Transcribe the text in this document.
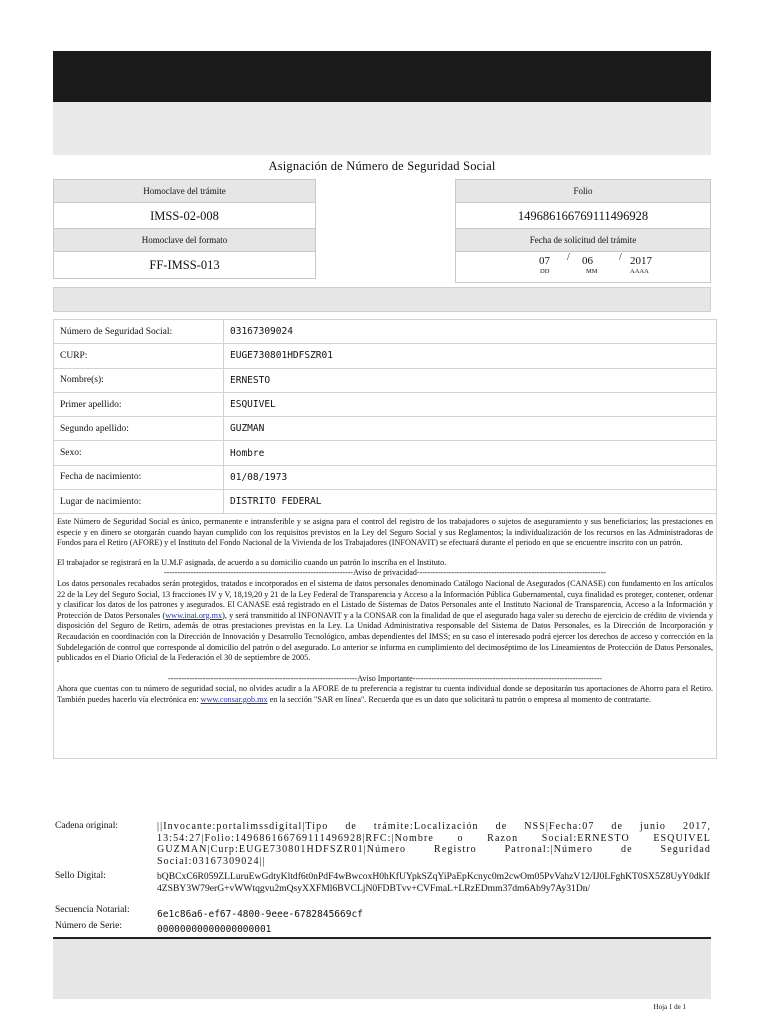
Asignación de Número de Seguridad Social
Homoclave del trámite
IMSS-02-008
Homoclave del formato
FF-IMSS-013
Folio
14968616676911149​6928
Fecha de solicitud del trámite
07 / 06	/ 2017
DD	MM	AAAA
Número de Seguridad Social:	03167309024
CURP:	EUGE730801HDFSZR01
Nombre(s):	ERNESTO
Primer apellido:	ESQUIVEL
Segundo apellido:	GUZMAN
Sexo:	Hombre
Fecha de nacimiento:	01/08/1973
Lugar de nacimiento:	DISTRITO FEDERAL

Este Número de Seguridad Social es único, permanente e intransferible y se asigna para el control del registro de los trabajadores o sujetos de aseguramiento y sus beneficiarios; las prestaciones en especie y en dinero se otorgarán cuando hayan cumplido con los requisitos previstos en la Ley del Seguro Social y sus Reglamentos; la individualización de los recursos en las Administradoras de Fondos para el Retiro (AFORE) y el Instituto del Fondo Nacional de la Vivienda de los Trabajadores (INFONAVIT) se efectuará durante el periodo en que se encuentre inscrito con un patrón.

El trabajador se registrará en la U.M.F asignada, de acuerdo a su domicilio cuando un patrón lo inscriba en el Instituto.

-----------------------------------------------------------------------Aviso de privacidad-----------------------------------------------------------------------

Los datos personales recabados serán protegidos, tratados e incorporados en el sistema de datos personales denominado Catálogo Nacional de Asegurados (CANASE) con fundamento en los artículos 22 de la Ley del Seguro Social, 13 fracciones IV y V, 18,19,20 y 21 de la Ley Federal de Transparencia y Acceso a la Información Pública Gubernamental, cuya finalidad es proteger, contener, ordenar y clasificar los datos de los patrones y asegurados. El CANASE está registrado en el Listado de Sistemas de Datos Personales ante el Instituto Nacional de Transparencia, Acceso a la Información y Protección de Datos Personales (www.inai.org.mx), y será transmitido al INFONAVIT y a la CONSAR con la finalidad de que el asegurado haga valer su derecho de ejercicio de crédito de vivienda y disposición del Seguro de Retiro, además de otras prestaciones previstas en la Ley. La Unidad Administrativa responsable del Sistema de Datos Personales, es la Dirección de Incorporación y Recaudación en coordinación con la Dirección de Innovación y Desarrollo Tecnológico, ambas dependientes del IMSS; en su caso el interesado podrá ejercer los derechos de acceso y corrección en la Subdelegación de control que corresponde al domicilio del patrón o del asegurado. Lo anterior se informa en cumplimiento del decimoséptimo de los Lineamientos de Protección de Datos Personales, publicados en el Diario Oficial de la Federación el 30 de septiembre de 2005.

-----------------------------------------------------------------------Aviso Importante-----------------------------------------------------------------------

Ahora que cuentas con tu número de seguridad social, no olvides acudir a la AFORE de tu preferencia a registrar tu cuenta individual donde se depositarán tus aportaciones de Ahorro para el Retiro. También puedes hacerlo vía electrónica en: www.consar.gob.mx en la sección "SAR en línea". Recuerda que es un dato que solicitará tu patrón o empresa al momento de contratarte.

Cadena original:	||Invocante:portalimssdigital|Tipo de trámite:Localización de NSS|Fecha:07 de junio 2017, 13:54:27|Folio:149686166769111496928|RFC:|Nombre o Razon Social:ERNESTO ESQUIVEL GUZMAN|Curp:EUGE730801HDFSZR01|Número Registro Patronal:|Número de Seguridad Social:03167309024||
Sello Digital:	bQBCxC6R059ZLLuruEwGdtyKltdf6t0nPdF4wBwcoxH0hKfUYpkSZqYiPaEpKcnyc0m2cwOm05PvVahzV12/IJ0LFghKT0SX5Z8UyY0dkIf4ZSBY3W79erG+vWWtqgvu2mQsyXXFMl6BVCLjN0FDBTvv+CVFmaL+LRzEDmm37dm6Ab9y7Ay31Dn/
Secuencia Notarial:	6e1c86a6-ef67-4800-9eee-6782845669cf
Número de Serie:	00000000000000000001
Hoja 1 de 1
